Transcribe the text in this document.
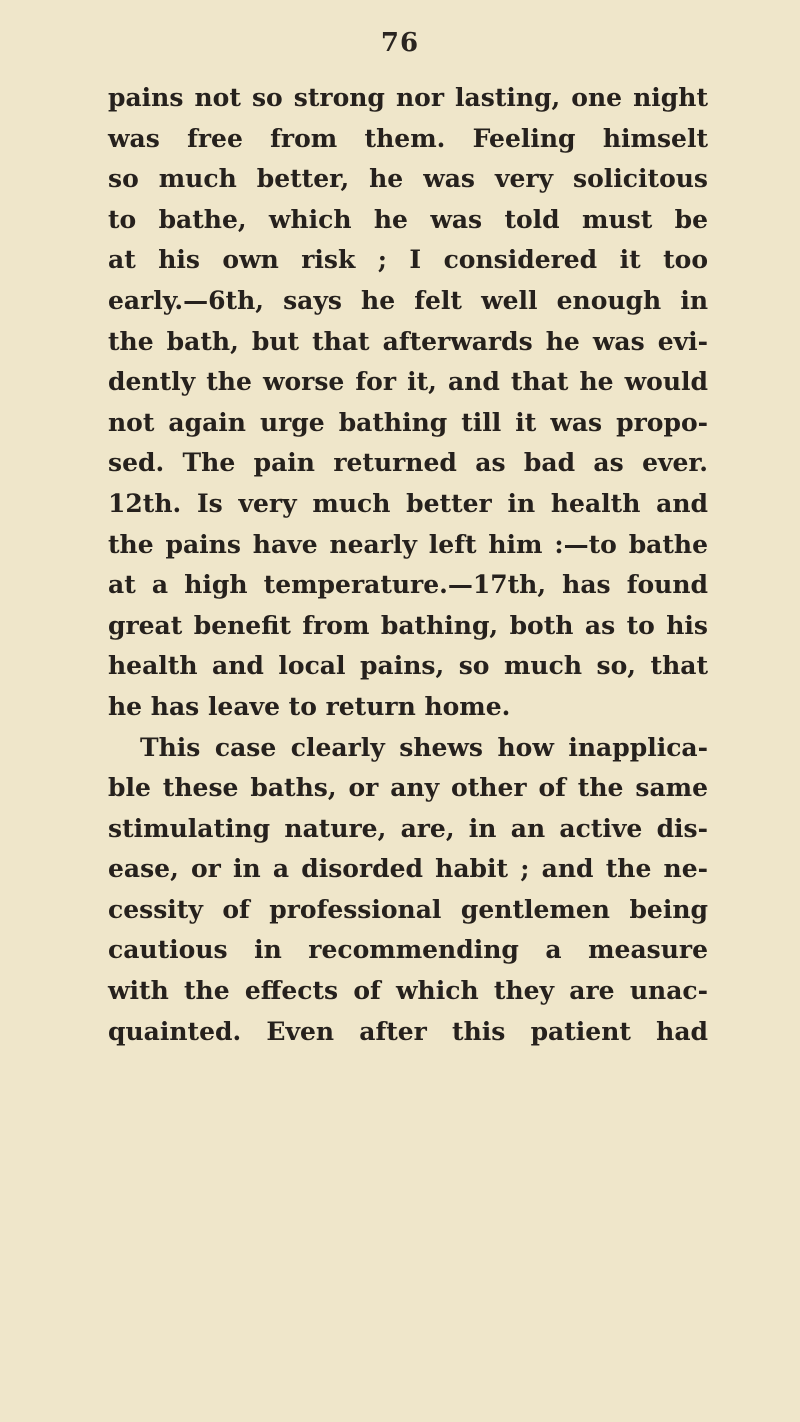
76
pains not so strong nor lasting, one night
was free from them. Feeling himselt
so much better, he was very solicitous
to bathe, which he was told must be
at his own risk ; I considered it too
early.—6th, says he felt well enough in
the bath, but that afterwards he was evi-
dently the worse for it, and that he would
not again urge bathing till it was propo-
sed. The pain returned as bad as ever.
12th. Is very much better in health and
the pains have nearly left him :—to bathe
at a high temperature.—17th, has found
great benefit from bathing, both as to his
health and local pains, so much so, that
he has leave to return home.
This case clearly shews how inapplica-
ble these baths, or any other of the same
stimulating nature, are, in an active dis-
ease, or in a disorded habit ; and the ne-
cessity of professional gentlemen being
cautious in recommending a measure
with the effects of which they are unac-
quainted. Even after this patient had
